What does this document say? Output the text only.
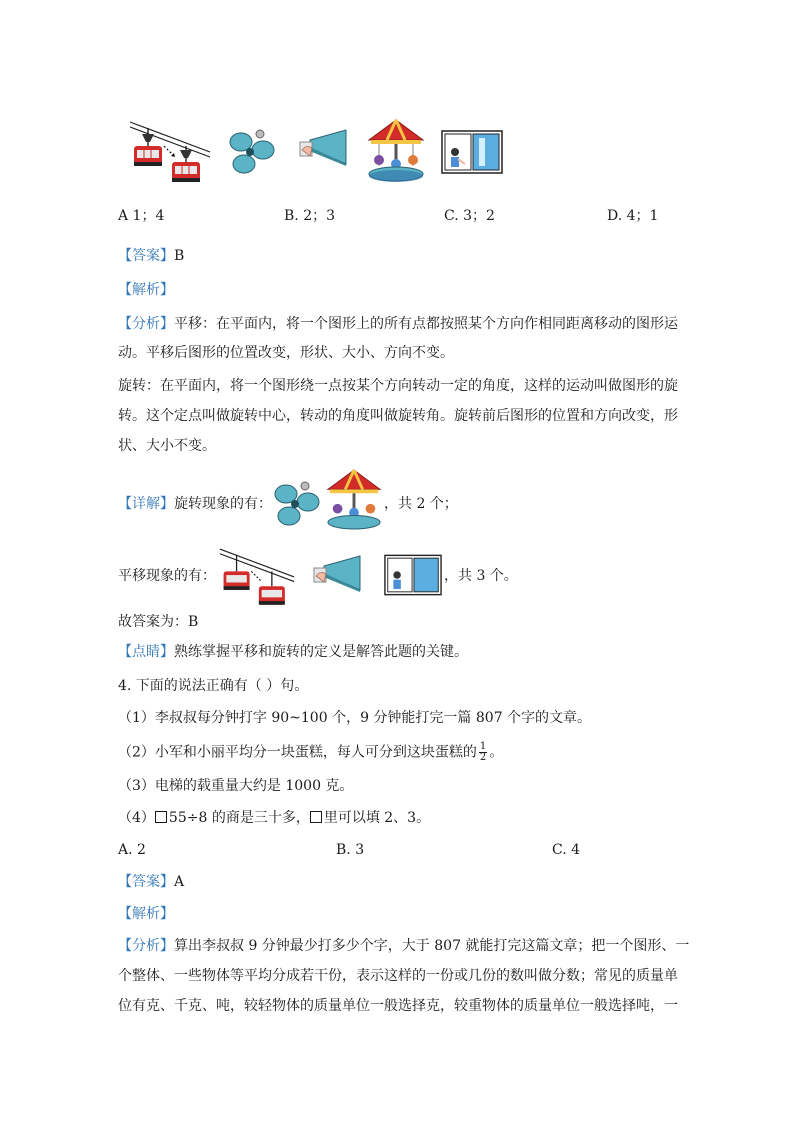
A 1；4	B. 2；3	C. 3；2	D. 4；1
【答案】B
【解析】
【分析】平移：在平面内，将一个图形上的所有点都按照某个方向作相同距离移动的图形运
动。平移后图形的位置改变，形状、大小、方向不变。
旋转：在平面内，将一个图形绕一点按某个方向转动一定的角度，这样的运动叫做图形的旋
转。这个定点叫做旋转中心，转动的角度叫做旋转角。旋转前后图形的位置和方向改变，形
状、大小不变。
【详解】旋转现象的有：	，共 2 个；
平移现象的有：	，共 3 个。
故答案为：B
【点睛】熟练掌握平移和旋转的定义是解答此题的关键。
4. 下面的说法正确有（ ）句。
（1）李叔叔每分钟打字 90~100 个，9 分钟能打完一篇 807 个字的文章。
（2）小军和小丽平均分一块蛋糕，每人可分到这块蛋糕的 $\frac{1}{2}$ 。
（3）电梯的载重量大约是 1000 克。
（4） 55÷8 的商是三十多， 里可以填 2、3。
A. 2	B. 3	C. 4
【答案】A
【解析】
【分析】算出李叔叔 9 分钟最少打多少个字，大于 807 就能打完这篇文章；把一个图形、一
个整体、一些物体等平均分成若干份，表示这样的一份或几份的数叫做分数；常见的质量单
位有克、千克、吨，较轻物体的质量单位一般选择克，较重物体的质量单位一般选择吨，一
